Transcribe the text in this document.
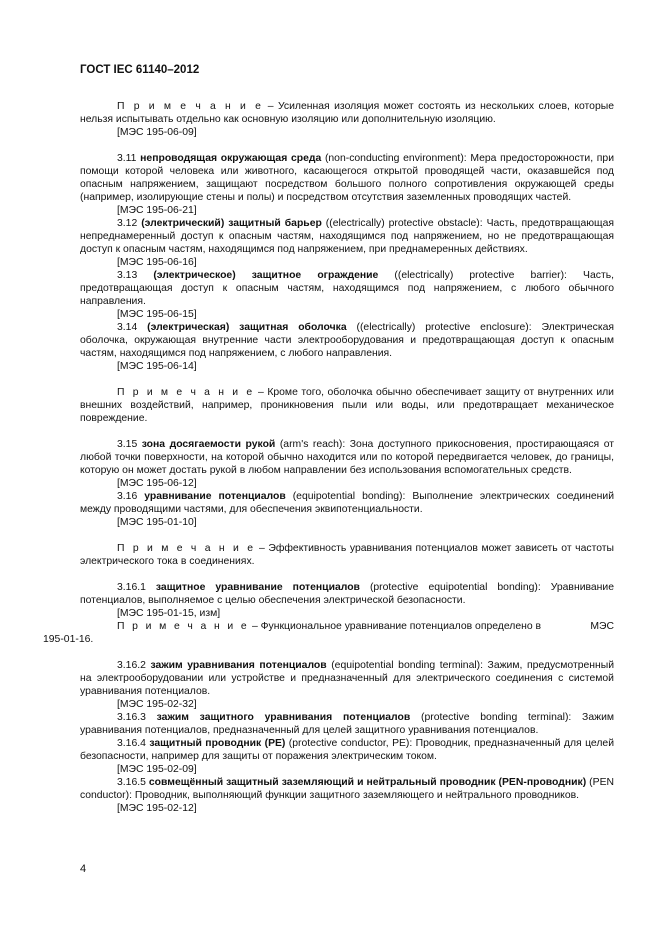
ГОСТ IEC 61140–2012

П р и м е ч а н и е – Усиленная изоляция может состоять из нескольких слоев, которые нельзя испытывать отдельно как основную изоляцию или дополнительную изоляцию.

[МЭС 195-06-09]

3.11 непроводящая окружающая среда (non-conducting environment): Мера предосторожности, при помощи которой человека или животного, касающегося открытой проводящей части, оказавшейся под опасным напряжением, защищают посредством большого полного сопротивления окружающей среды (например, изолирующие стены и полы) и посредством отсутствия заземленных проводящих частей.

[МЭС 195-06-21]

3.12 (электрический) защитный барьер ((electrically) protective obstacle): Часть, предотвращающая непреднамеренный доступ к опасным частям, находящимся под напряжением, но не предотвращающая доступ к опасным частям, находящимся под напряжением, при преднамеренных действиях.

[МЭС 195-06-16]

3.13 (электрическое) защитное ограждение ((electrically) protective barrier): Часть, предотвращающая доступ к опасным частям, находящимся под напряжением, с любого обычного направления.

[МЭС 195-06-15]

3.14 (электрическая) защитная оболочка ((electrically) protective enclosure): Электрическая оболочка, окружающая внутренние части электрооборудования и предотвращающая доступ к опасным частям, находящимся под напряжением, с любого направления.

[МЭС 195-06-14]

П р и м е ч а н и е – Кроме того, оболочка обычно обеспечивает защиту от внутренних или внешних воздействий, например, проникновения пыли или воды, или предотвращает механическое повреждение.

3.15 зона досягаемости рукой (arm's reach): Зона доступного прикосновения, простирающаяся от любой точки поверхности, на которой обычно находится или по которой передвигается человек, до границы, которую он может достать рукой в любом направлении без использования вспомогательных средств.

[МЭС 195-06-12]

3.16 уравнивание потенциалов (equipotential bonding): Выполнение электрических соединений между проводящими частями, для обеспечения эквипотенциальности.

[МЭС 195-01-10]

П р и м е ч а н и е – Эффективность уравнивания потенциалов может зависеть от частоты электрического тока в соединениях.

3.16.1 защитное уравнивание потенциалов (protective equipotential bonding): Уравнивание потенциалов, выполняемое с целью обеспечения электрической безопасности.

[МЭС 195-01-15, изм]

П р и м е ч а н и е – Функциональное уравнивание потенциалов определено в	МЭС

195-01-16.

3.16.2 зажим уравнивания потенциалов (equipotential bonding terminal): Зажим, предусмотренный на электрооборудовании или устройстве и предназначенный для электрического соединения с системой уравнивания потенциалов.

[МЭС 195-02-32]

3.16.3 зажим защитного уравнивания потенциалов (protective bonding terminal): Зажим уравнивания потенциалов, предназначенный для целей защитного уравнивания потенциалов.

3.16.4 защитный проводник (PE) (protective conductor, PE): Проводник, предназначенный для целей безопасности, например для защиты от поражения электрическим током.

[МЭС 195-02-09]

3.16.5 совмещённый защитный заземляющий и нейтральный проводник (PEN-проводник) (PEN conductor): Проводник, выполняющий функции защитного заземляющего и нейтрального проводников.

[МЭС 195-02-12]

4
